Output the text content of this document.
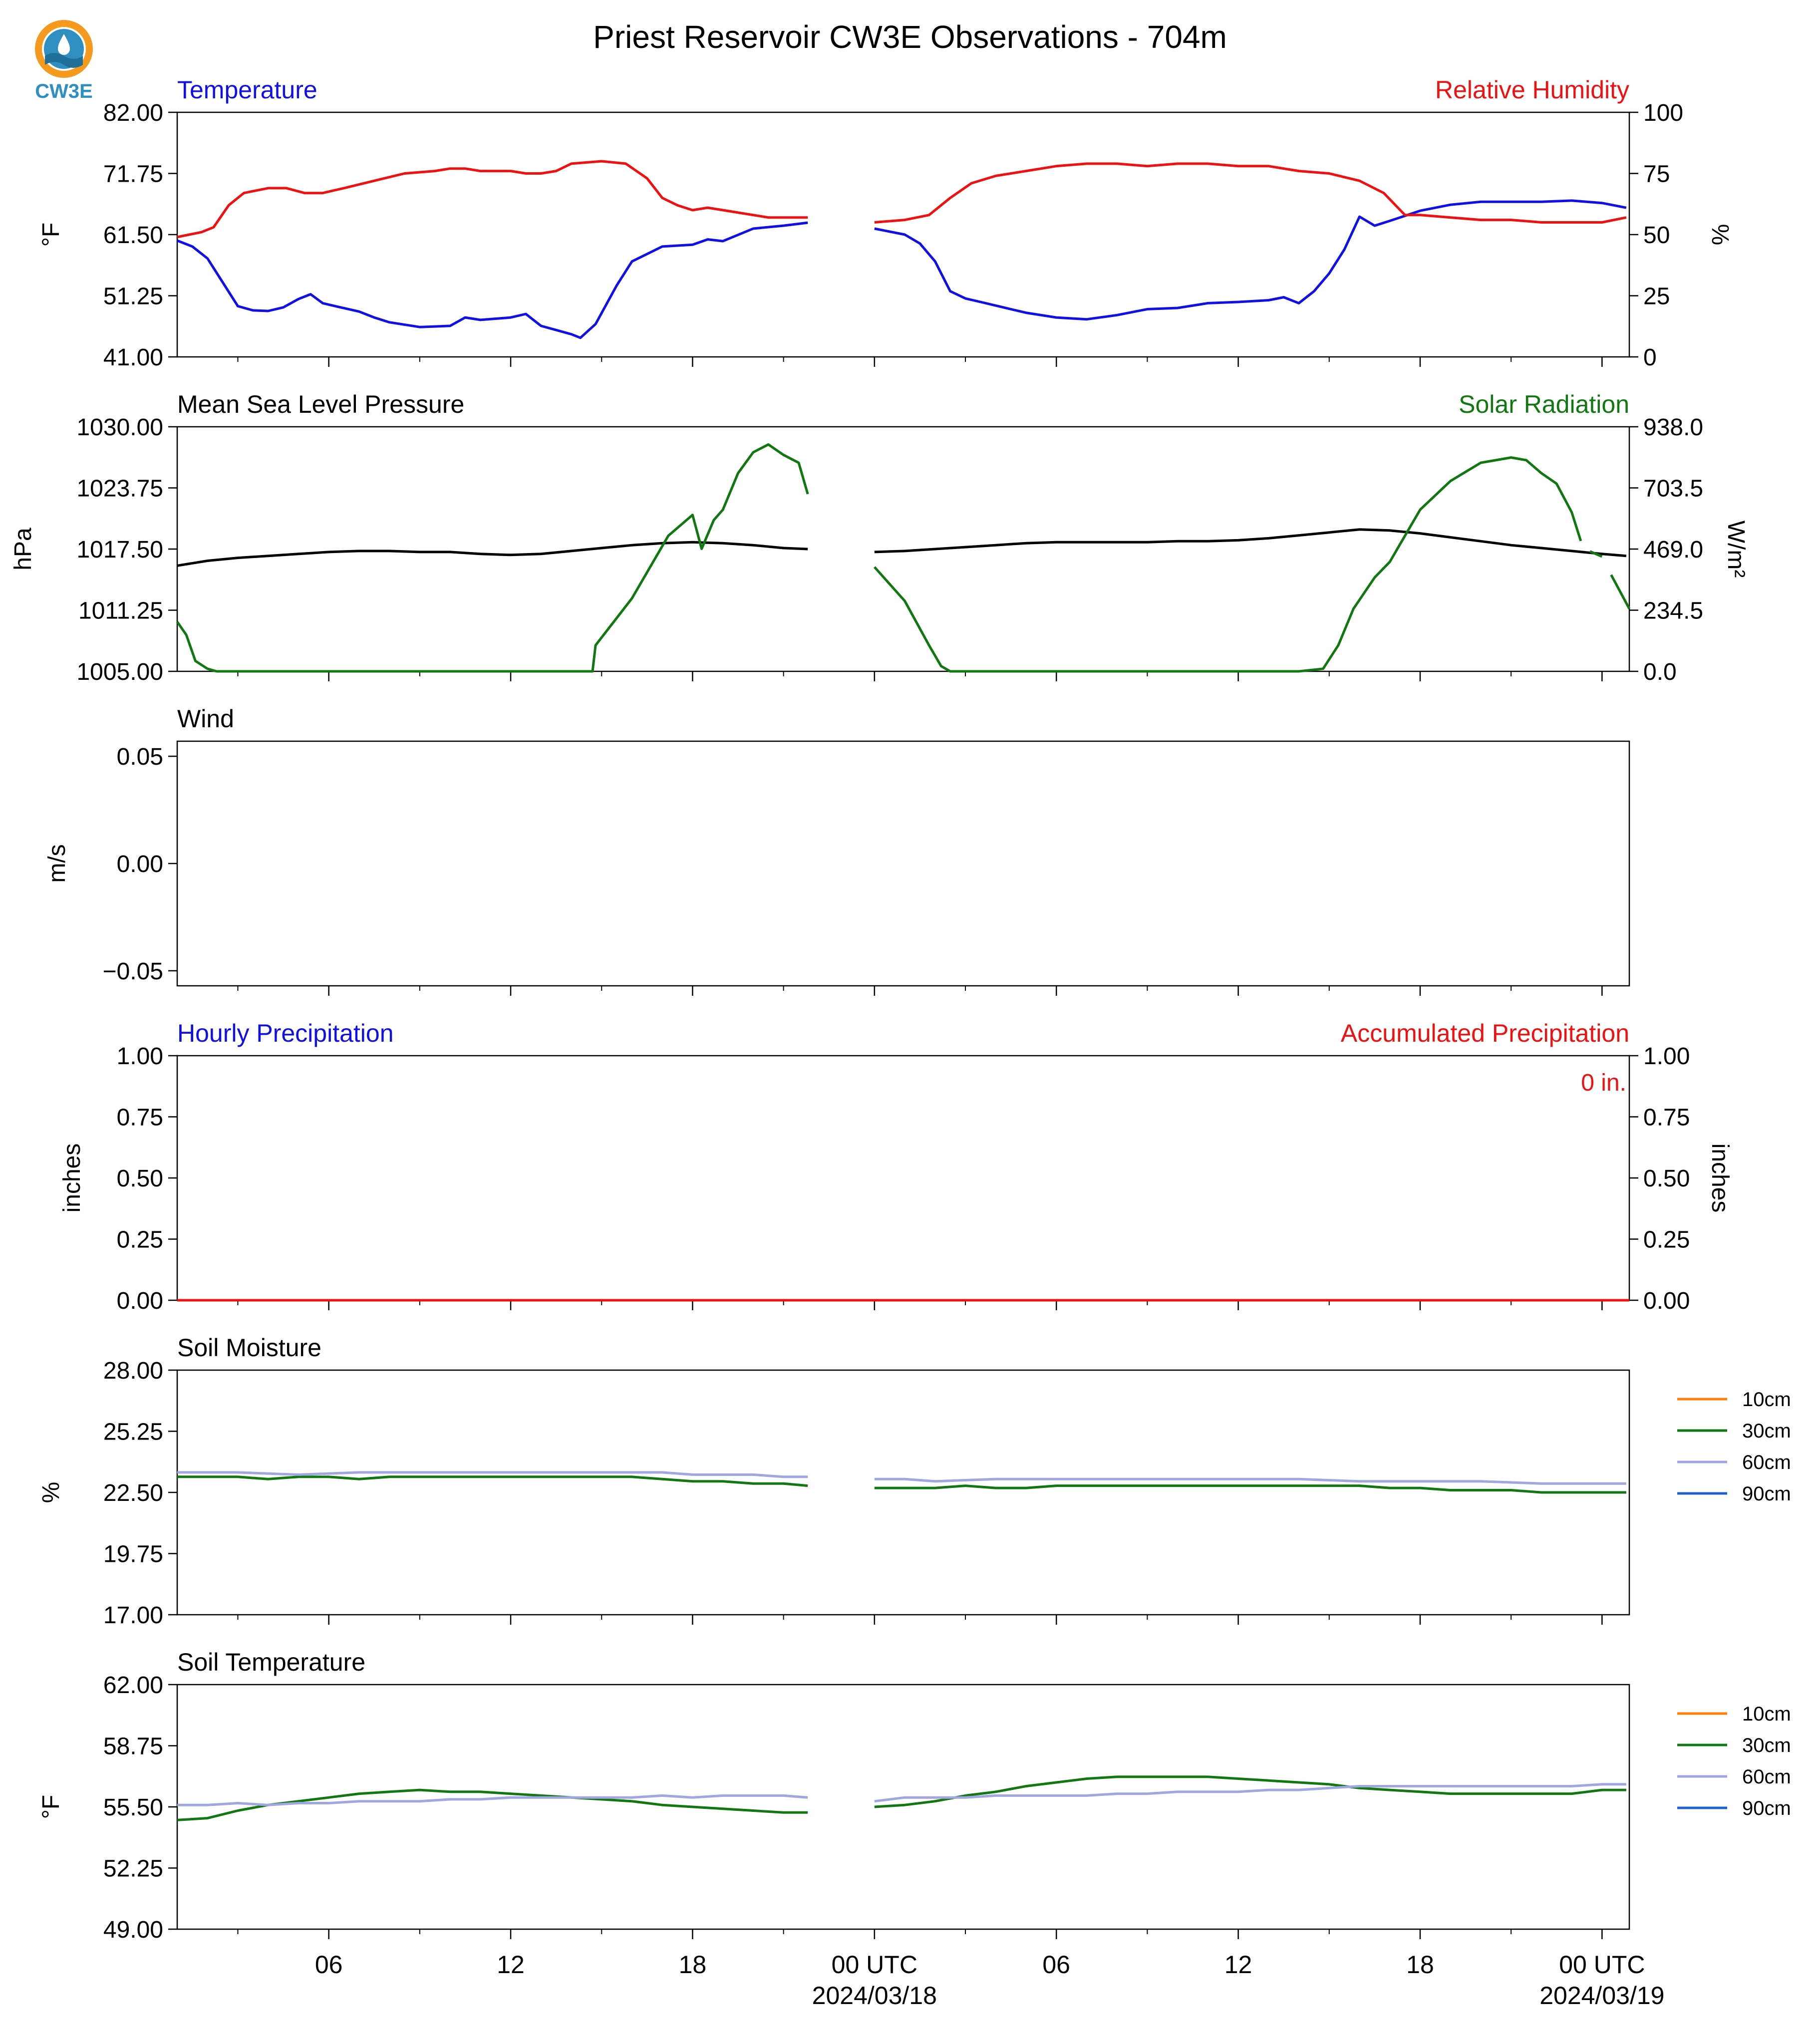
CW3E
Priest Reservoir CW3E Observations - 704m
Temperature	Relative Humidity
41.00
51.25
61.50
71.75
82.00
0
25
50
75
100
°F	%
Mean Sea Level Pressure	Solar Radiation
1005.00
1011.25
1017.50
1023.75
1030.00
0.0
234.5
469.0
703.5
938.0
hPa	W/m²
Wind
−0.05
0.00
0.05
m/s
Hourly Precipitation	Accumulated Precipitation
0.00
0.25
0.50
0.75
1.00
0.00
0.25
0.50
0.75
1.00
inches	inches
0 in.
Soil Moisture
17.00
19.75
22.50
25.25
28.00
%
10cm
30cm
60cm
90cm
Soil Temperature
49.00
52.25
55.50
58.75
62.00
°F
10cm
30cm
60cm
90cm
06	12	18	00 UTC
2024/03/18
06	12	18	00 UTC
2024/03/19
